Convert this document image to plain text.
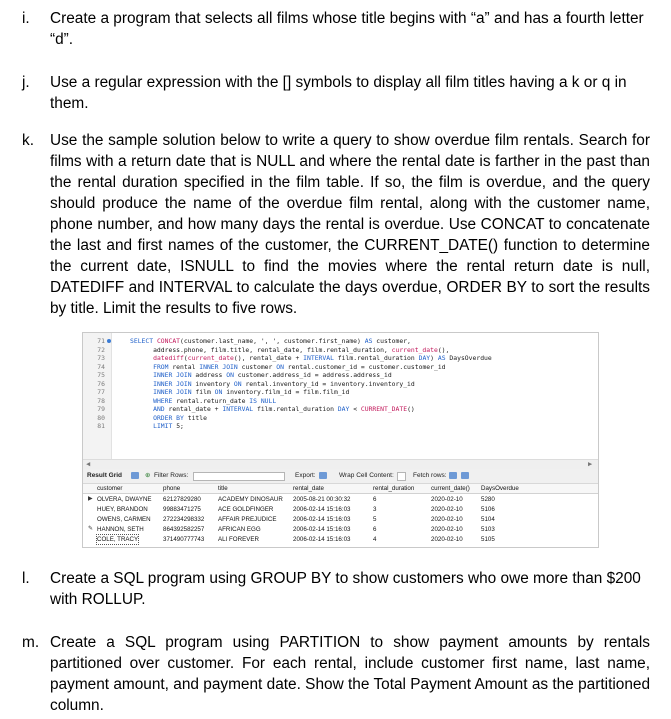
i.	Create a program that selects all films whose title begins with “a” and has a fourth letter “d”.
j.	Use a regular expression with the [] symbols to display all film titles having a k or q in them.
k.	Use the sample solution below to write a query to show overdue film rentals. Search for films with a return date that is NULL and where the rental date is farther in the past than the rental duration specified in the film table. If so, the film is overdue, and the query should produce the name of the overdue film rental, along with the customer name, phone number, and how many days the rental is overdue. Use CONCAT to concatenate the last and first names of the customer, the CURRENT_DATE() function to determine the current date, ISNULL to find the movies where the rental return date is null, DATEDIFF and INTERVAL to calculate the days overdue, ORDER BY to sort the results by title. Limit the results to five rows.
71
72
73
74
75
76
77
78
79
80
81
SELECT CONCAT(customer.last_name, ', ', customer.first_name) AS customer,
address.phone, film.title, rental_date, film.rental_duration, current_date(),
datediff(current_date(), rental_date + INTERVAL film.rental_duration DAY) AS DaysOverdue
FROM rental INNER JOIN customer ON rental.customer_id = customer.customer_id
INNER JOIN address ON customer.address_id = address.address_id
INNER JOIN inventory ON rental.inventory_id = inventory.inventory_id
INNER JOIN film ON inventory.film_id = film.film_id
WHERE rental.return_date IS NULL
AND rental_date + INTERVAL film.rental_duration DAY < CURRENT_DATE()
ORDER BY title
LIMIT 5;
◀	▶
Result Grid	⊕ Filter Rows:	Export:	Wrap Cell Content:	Fetch rows:
customer	phone	title	rental_date	rental_duration	current_date() DaysOverdue
▶ OLVERA, DWAYNE 62127829280	ACADEMY DINOSAUR 2005-08-21 00:30:32	6	2020-02-10	5280
HUEY, BRANDON 99883471275	ACE GOLDFINGER	2006-02-14 15:16:03	3	2020-02-10	5106
OWENS, CARMEN 272234298332 AFFAIR PREJUDICE	2006-02-14 15:16:03	5	2020-02-10	5104
✎ HANNON, SETH	864392582257 AFRICAN EGG	2006-02-14 15:16:03	6	2020-02-10	5103
COLE, TRACY	371490777743 ALI FOREVER	2006-02-14 15:16:03	4	2020-02-10	5105
l.	Create a SQL program using GROUP BY to show customers who owe more than $200 with ROLLUP.
m. Create a SQL program using PARTITION to show payment amounts by rentals partitioned over customer. For each rental, include customer first name, last name, payment amount, and payment date. Show the Total Payment Amount as the partitioned column.
